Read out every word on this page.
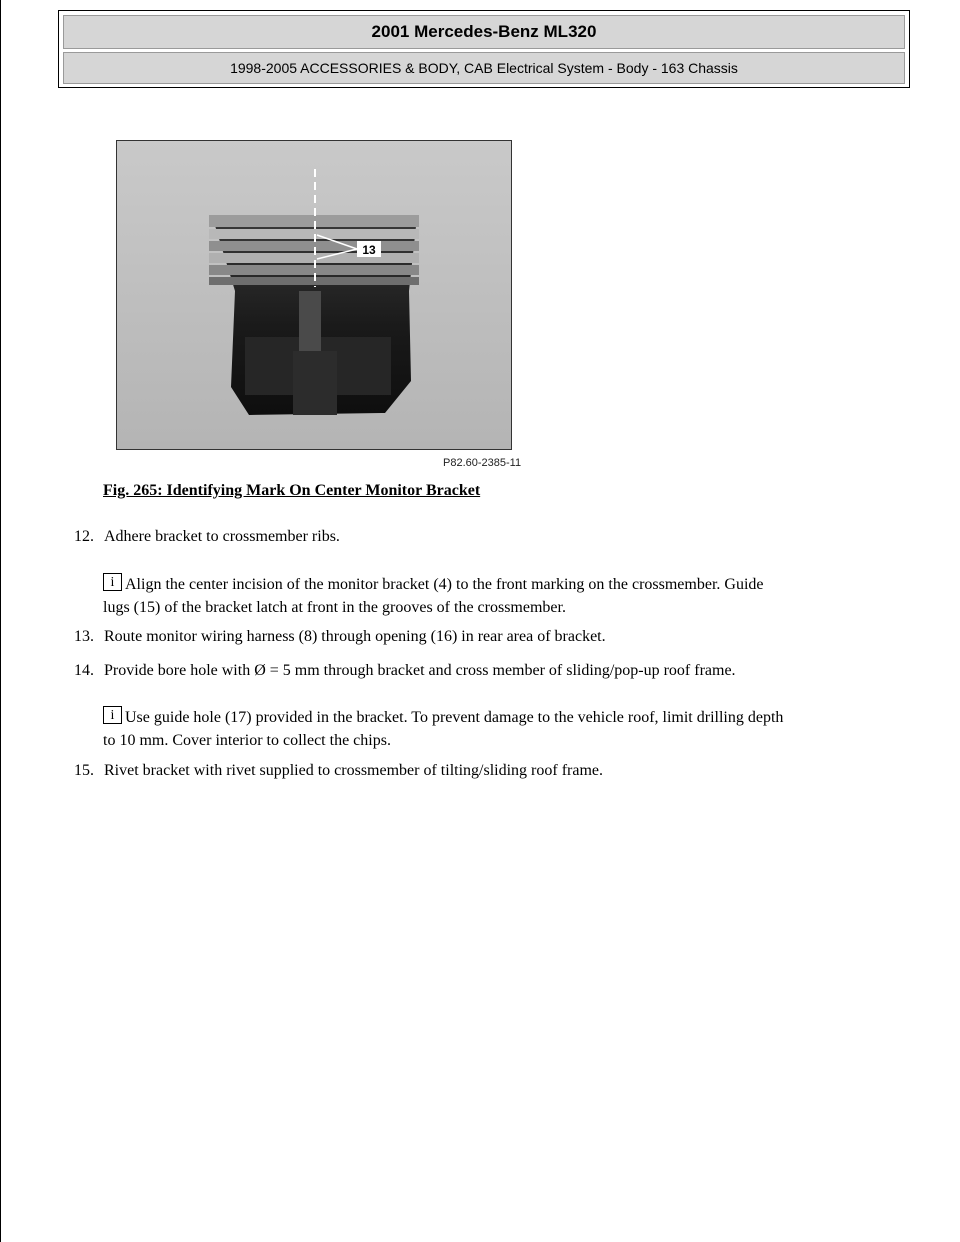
2001 Mercedes-Benz ML320
1998-2005 ACCESSORIES & BODY, CAB Electrical System - Body - 163 Chassis
13
P82.60-2385-11
Fig. 265: Identifying Mark On Center Monitor Bracket
12. Adhere bracket to crossmember ribs.
iAlign the center incision of the monitor bracket (4) to the front marking on the crossmember. Guide
lugs (15) of the bracket latch at front in the grooves of the crossmember.
13. Route monitor wiring harness (8) through opening (16) in rear area of bracket.
14. Provide bore hole with Ø = 5 mm through bracket and cross member of sliding/pop-up roof frame.
iUse guide hole (17) provided in the bracket. To prevent damage to the vehicle roof, limit drilling depth
to 10 mm. Cover interior to collect the chips.
15. Rivet bracket with rivet supplied to crossmember of tilting/sliding roof frame.
